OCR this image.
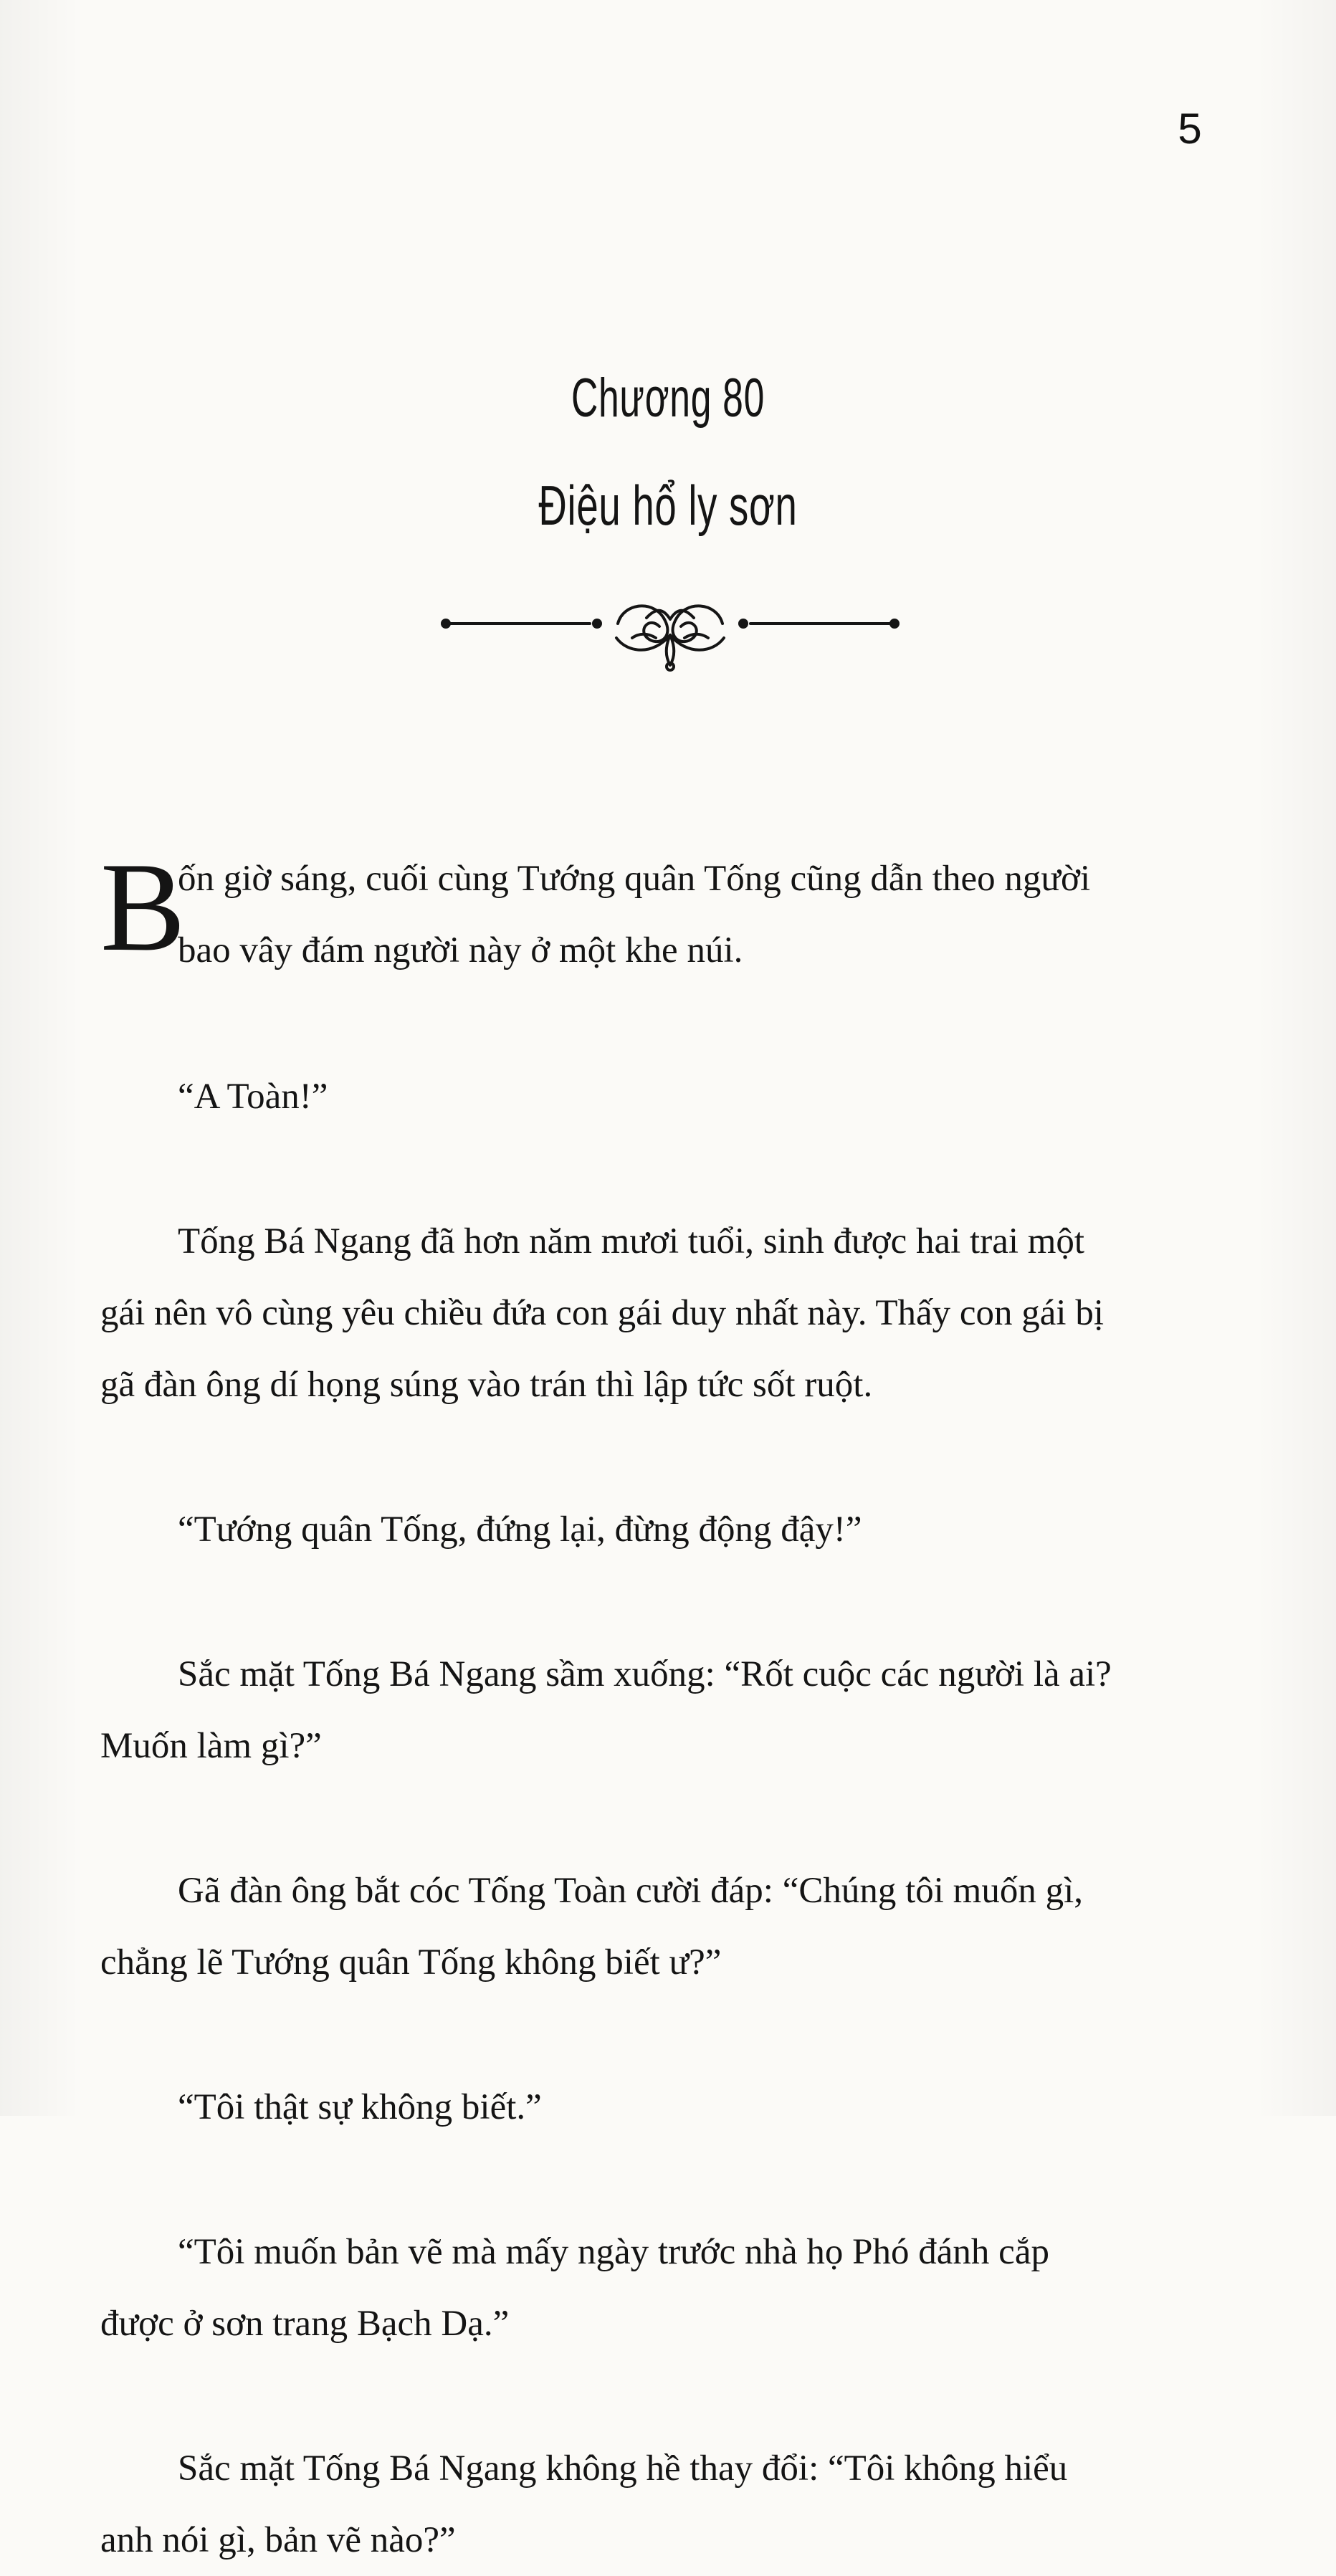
5
Chương 80
Điệu hổ ly sơn
B

ốn giờ sáng, cuối cùng Tướng quân Tống cũng dẫn theo người

bao vây đám người này ở một khe núi.

“A Toàn!”

Tống Bá Ngang đã hơn năm mươi tuổi, sinh được hai trai một

gái nên vô cùng yêu chiều đứa con gái duy nhất này. Thấy con gái bị

gã đàn ông dí họng súng vào trán thì lập tức sốt ruột.

“Tướng quân Tống, đứng lại, đừng động đậy!”

Sắc mặt Tống Bá Ngang sầm xuống: “Rốt cuộc các người là ai?

Muốn làm gì?”

Gã đàn ông bắt cóc Tống Toàn cười đáp: “Chúng tôi muốn gì,

chẳng lẽ Tướng quân Tống không biết ư?”

“Tôi thật sự không biết.”

“Tôi muốn bản vẽ mà mấy ngày trước nhà họ Phó đánh cắp

được ở sơn trang Bạch Dạ.”

Sắc mặt Tống Bá Ngang không hề thay đổi: “Tôi không hiểu

anh nói gì, bản vẽ nào?”
